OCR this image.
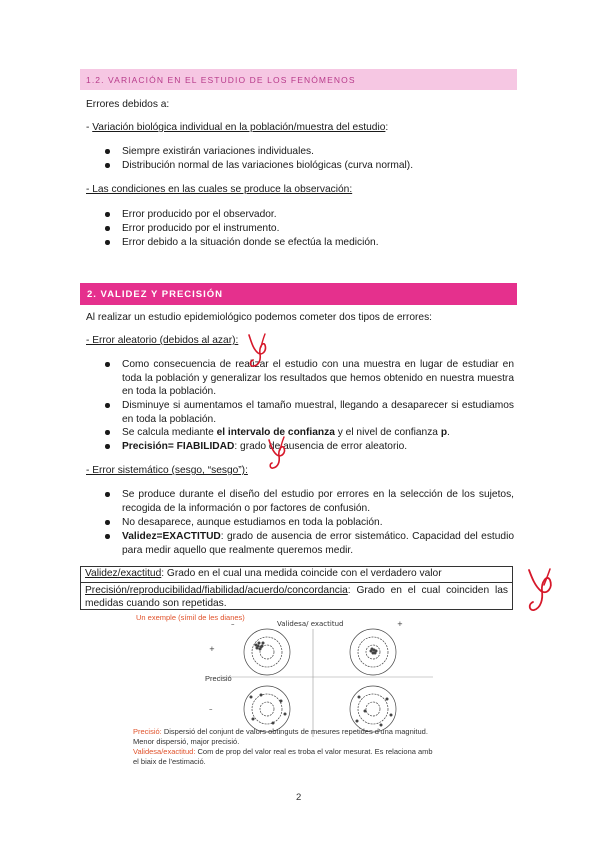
1.2. VARIACIÓN EN EL ESTUDIO DE LOS FENÓMENOS
Errores debidos a:
- Variación biológica individual en la población/muestra del estudio:
Siempre existirán variaciones individuales.
Distribución normal de las variaciones biológicas (curva normal).
- Las condiciones en las cuales se produce la observación:
Error producido por el observador.
Error producido por el instrumento.
Error debido a la situación donde se efectúa la medición.
2. VALIDEZ Y PRECISIÓN
Al realizar un estudio epidemiológico podemos cometer dos tipos de errores:
- Error aleatorio (debidos al azar):
Como consecuencia de realizar el estudio con una muestra en lugar de estudiar en toda la población y generalizar los resultados que hemos obtenido en nuestra muestra en toda la población.
Disminuye si aumentamos el tamaño muestral, llegando a desaparecer si estudiamos en toda la población.
Se calcula mediante el intervalo de confianza y el nivel de confianza p.
Precisión= FIABILIDAD: grado de ausencia de error aleatorio.
- Error sistemático (sesgo, “sesgo”):
Se produce durante el diseño del estudio por errores en la selección de los sujetos, recogida de la información o por factores de confusión.
No desaparece, aunque estudiamos en toda la población.
Validez=EXACTITUD: grado de ausencia de error sistemático. Capacidad del estudio para medir aquello que realmente queremos medir.
Validez/exactitud: Grado en el cual una medida coincide con el verdadero valor
Precisión/reproducibilidad/fiabilidad/acuerdo/concordancia: Grado en el cual coinciden las medidas cuando son repetidas.
Un exemple (símil de les dianes)
–	Validesa/ exactitud	+
+
–
Precisió
Precisió: Dispersió del conjunt de valors obtinguts de mesures repetides d'una magnitud.
Menor dispersió, major precisió.
Validesa/exactitud: Com de prop del valor real es troba el valor mesurat. Es relaciona amb
el biaix de l'estimació.
2
